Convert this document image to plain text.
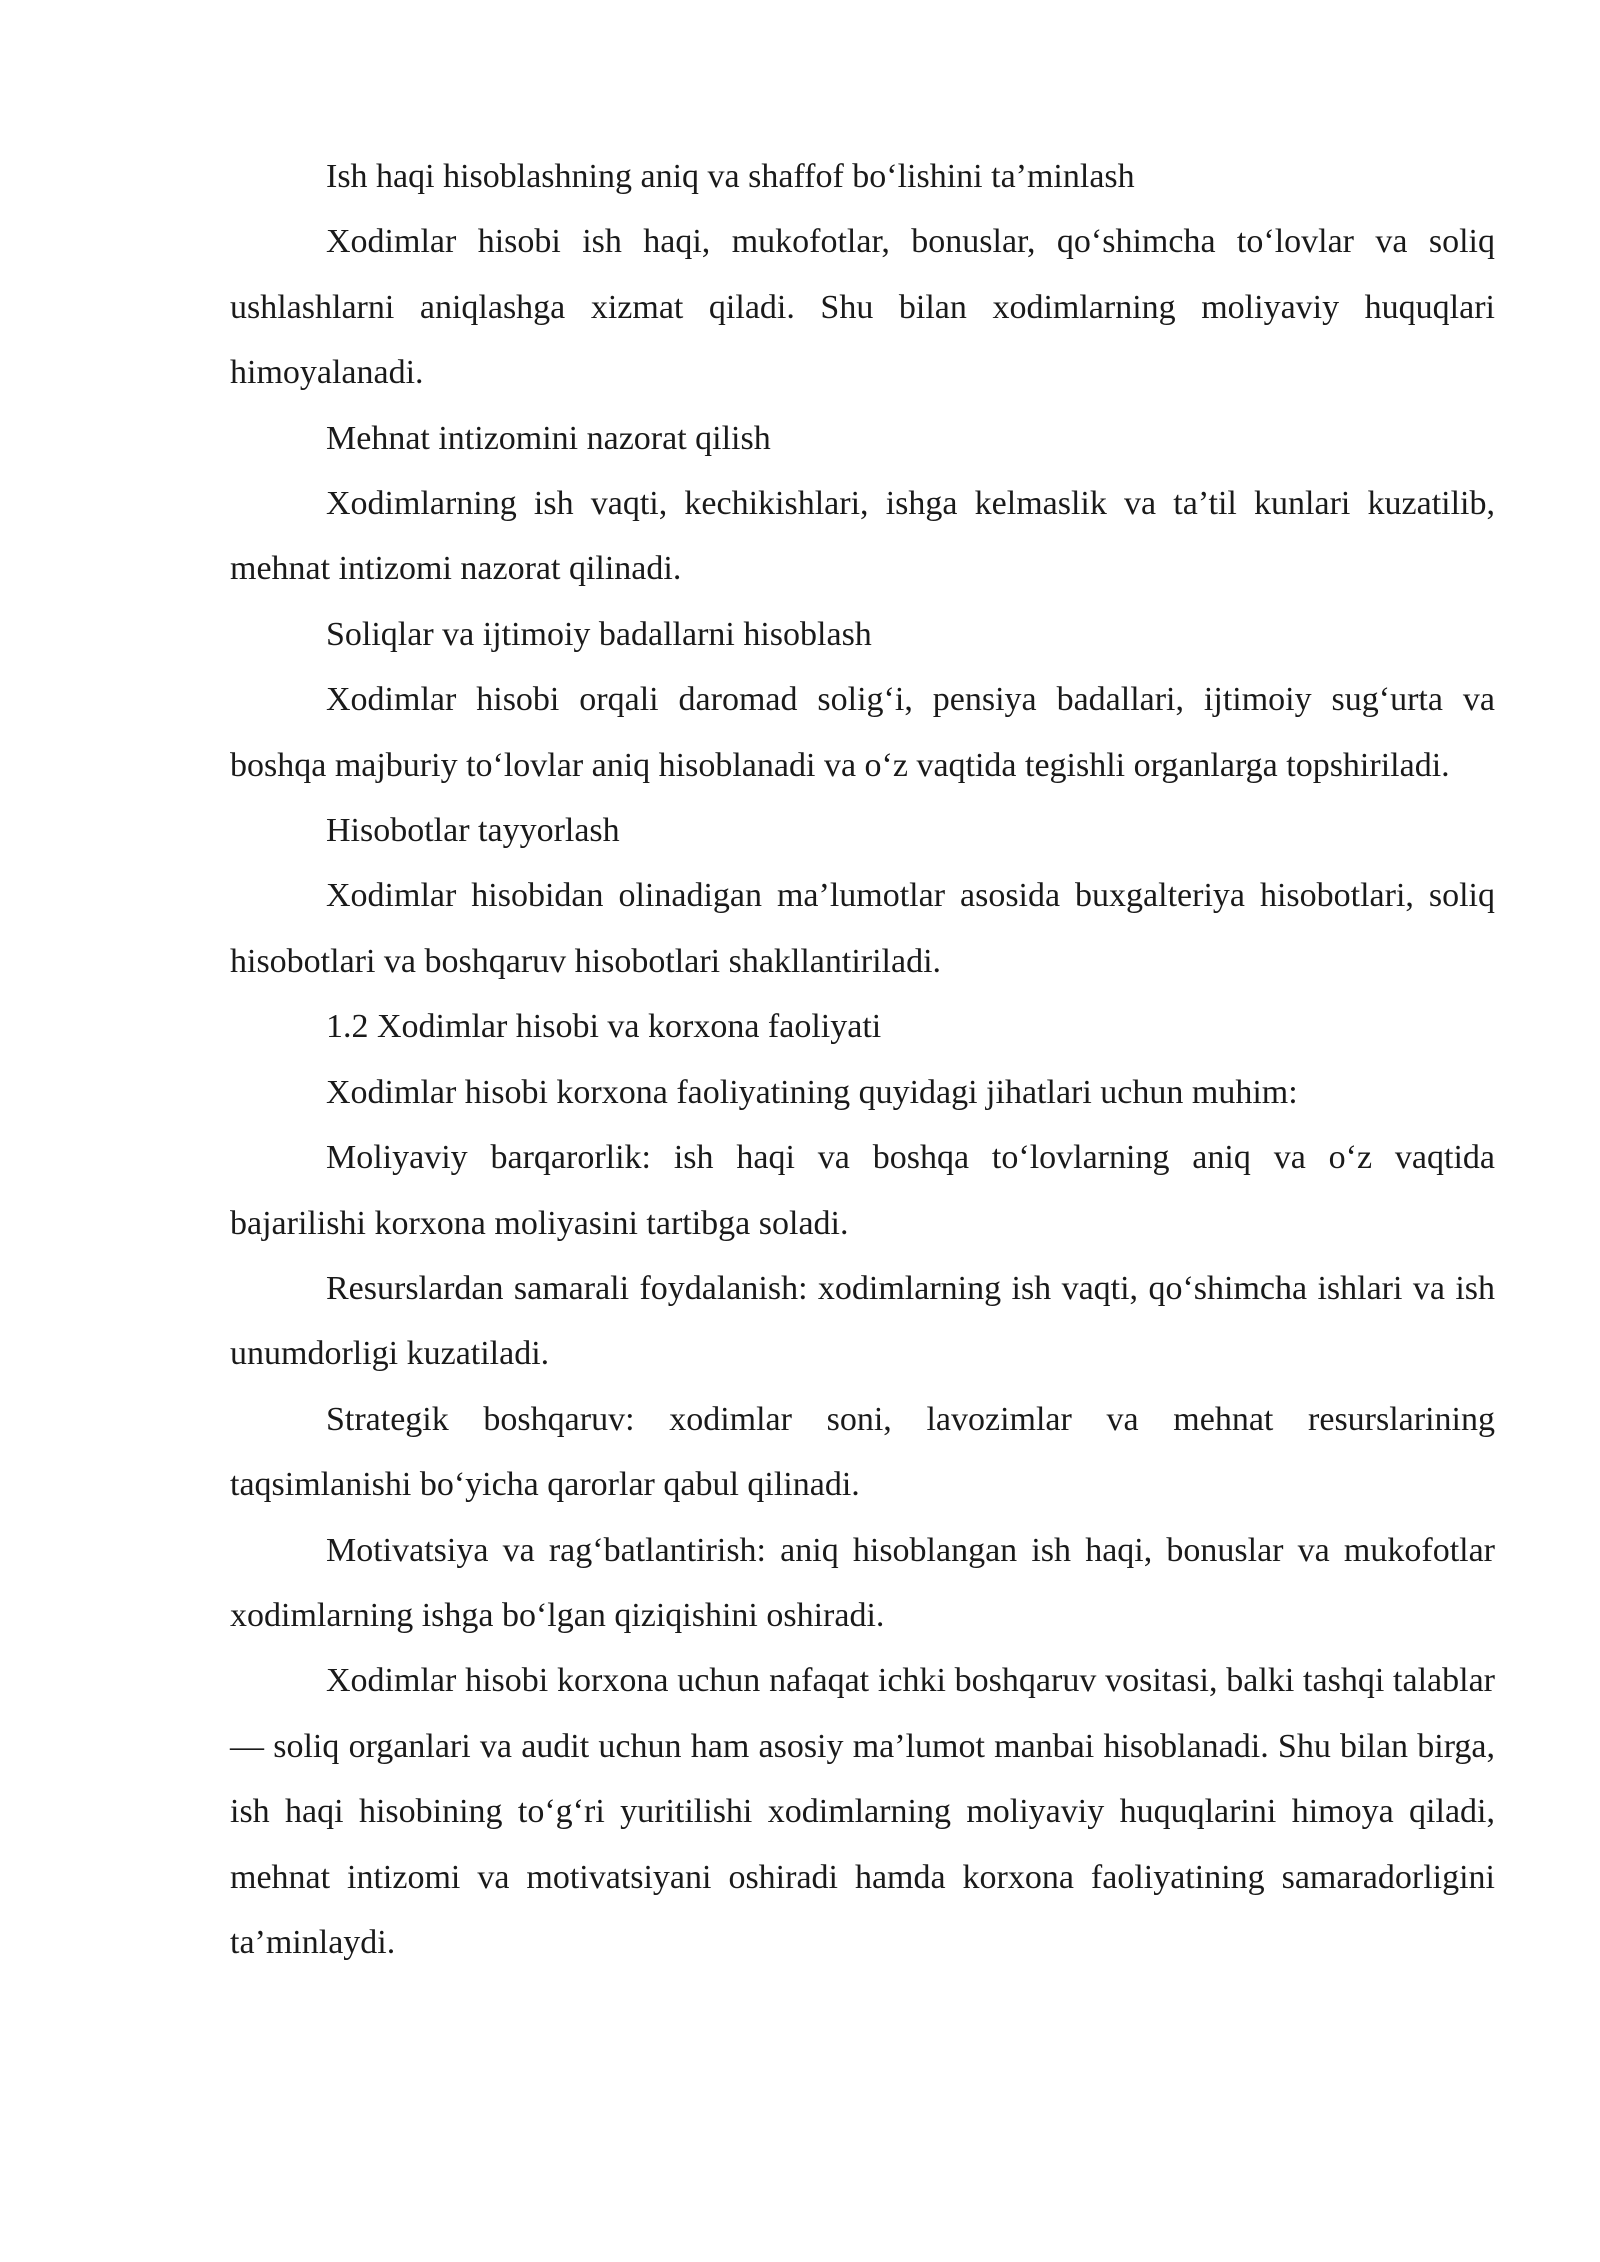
Ish haqi hisoblashning aniq va shaffof bo‘lishini ta’minlash

Xodimlar hisobi ish haqi, mukofotlar, bonuslar, qo‘shimcha to‘lovlar va soliq ushlashlarni aniqlashga xizmat qiladi. Shu bilan xodimlarning moliyaviy huquqlari himoyalanadi.

Mehnat intizomini nazorat qilish

Xodimlarning ish vaqti, kechikishlari, ishga kelmaslik va ta’til kunlari kuzatilib, mehnat intizomi nazorat qilinadi.

Soliqlar va ijtimoiy badallarni hisoblash

Xodimlar hisobi orqali daromad solig‘i, pensiya badallari, ijtimoiy sug‘urta va boshqa majburiy to‘lovlar aniq hisoblanadi va o‘z vaqtida tegishli organlarga topshiriladi.

Hisobotlar tayyorlash

Xodimlar hisobidan olinadigan ma’lumotlar asosida buxgalteriya hisobotlari, soliq hisobotlari va boshqaruv hisobotlari shakllantiriladi.

1.2 Xodimlar hisobi va korxona faoliyati

Xodimlar hisobi korxona faoliyatining quyidagi jihatlari uchun muhim:

Moliyaviy barqarorlik: ish haqi va boshqa to‘lovlarning aniq va o‘z vaqtida bajarilishi korxona moliyasini tartibga soladi.

Resurslardan samarali foydalanish: xodimlarning ish vaqti, qo‘shimcha ishlari va ish unumdorligi kuzatiladi.

Strategik boshqaruv: xodimlar soni, lavozimlar va mehnat resurslarining taqsimlanishi bo‘yicha qarorlar qabul qilinadi.

Motivatsiya va rag‘batlantirish: aniq hisoblangan ish haqi, bonuslar va mukofotlar xodimlarning ishga bo‘lgan qiziqishini oshiradi.

Xodimlar hisobi korxona uchun nafaqat ichki boshqaruv vositasi, balki tashqi talablar — soliq organlari va audit uchun ham asosiy ma’lumot manbai hisoblanadi. Shu bilan birga, ish haqi hisobining to‘g‘ri yuritilishi xodimlarning moliyaviy huquqlarini himoya qiladi, mehnat intizomi va motivatsiyani oshiradi hamda korxona faoliyatining samaradorligini ta’minlaydi.
